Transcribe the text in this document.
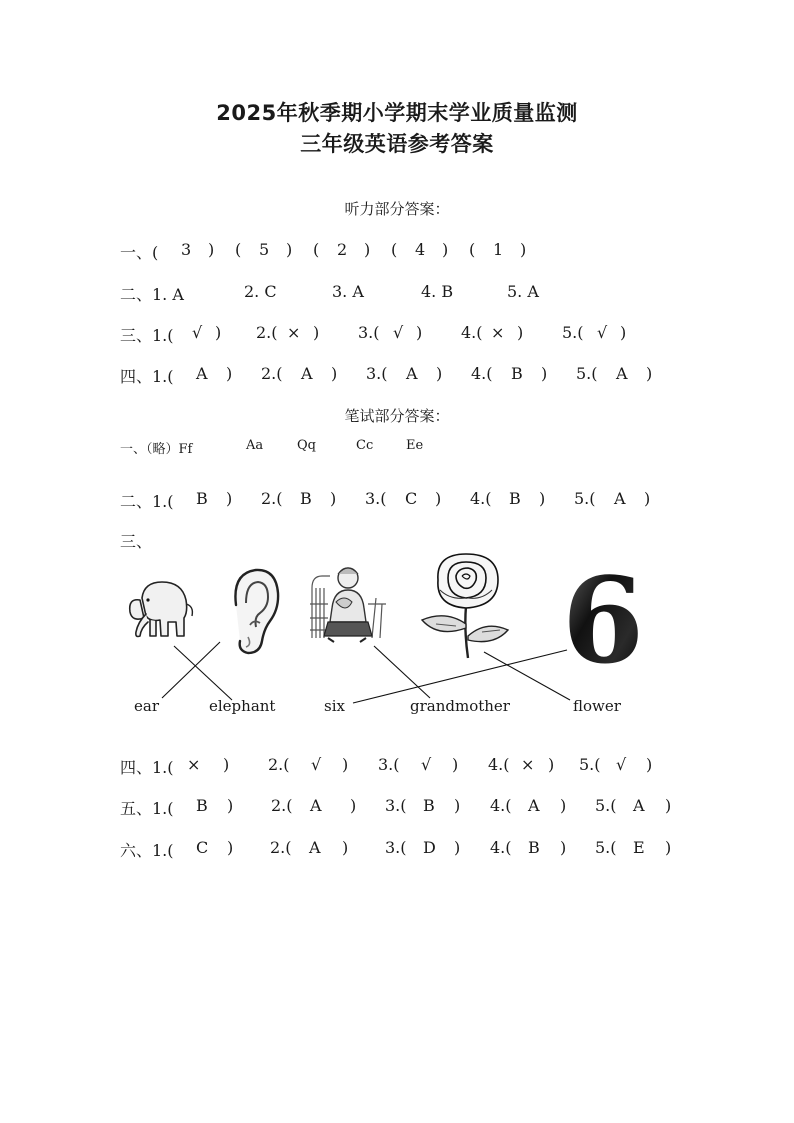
2025年秋季期小学期末学业质量监测
三年级英语参考答案
听力部分答案：
一、( 3 ) ( 5 ) ( 2 ) ( 4 ) ( 1 )
二、1. A	2. C	3. A	4. B	5. A
三、1.( √ ) 2.( × ) 3.( √ ) 4.( × ) 5.( √ )
四、1.( A ) 2.( A ) 3.( A ) 4.( B ) 5.( A )
笔试部分答案：
一、（略）Ff	Aa	Qq	Cc	Ee
二、1.( B ) 2.( B ) 3.( C ) 4.( B ) 5.( A )
三、
6
ear	elephant	six	grandmother	flower
四、1.( × ) 2.( √ ) 3.( √ ) 4.( × ) 5.( √ )
五、1.( B ) 2.( A ) 3.( B ) 4.( A ) 5.( A )
六、1.( C ) 2.( A ) 3.( D ) 4.( B ) 5.( E )
